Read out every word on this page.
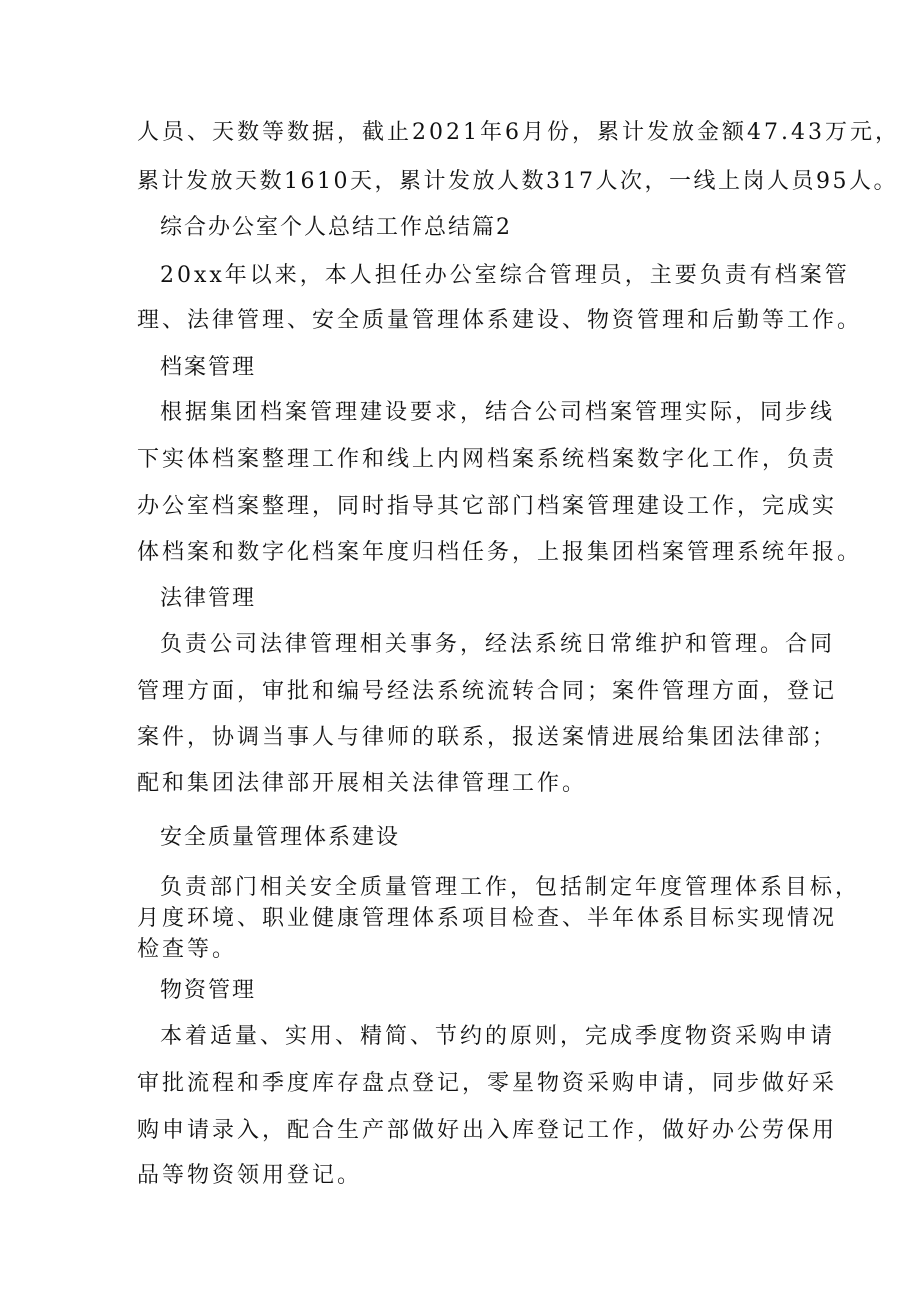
人员、天数等数据，截止2021年6月份，累计发放金额47.43万元，
累计发放天数1610天，累计发放人数317人次，一线上岗人员95人。
综合办公室个人总结工作总结篇2
20xx年以来，本人担任办公室综合管理员，主要负责有档案管
理、法律管理、安全质量管理体系建设、物资管理和后勤等工作。
档案管理
根据集团档案管理建设要求，结合公司档案管理实际，同步线
下实体档案整理工作和线上内网档案系统档案数字化工作，负责
办公室档案整理，同时指导其它部门档案管理建设工作，完成实
体档案和数字化档案年度归档任务，上报集团档案管理系统年报。
法律管理
负责公司法律管理相关事务，经法系统日常维护和管理。合同
管理方面，审批和编号经法系统流转合同；案件管理方面，登记
案件，协调当事人与律师的联系，报送案情进展给集团法律部；
配和集团法律部开展相关法律管理工作。
安全质量管理体系建设
负责部门相关安全质量管理工作，包括制定年度管理体系目标，
月度环境、职业健康管理体系项目检查、半年体系目标实现情况
检查等。
物资管理
本着适量、实用、精简、节约的原则，完成季度物资采购申请
审批流程和季度库存盘点登记，零星物资采购申请，同步做好采
购申请录入，配合生产部做好出入库登记工作，做好办公劳保用
品等物资领用登记。
